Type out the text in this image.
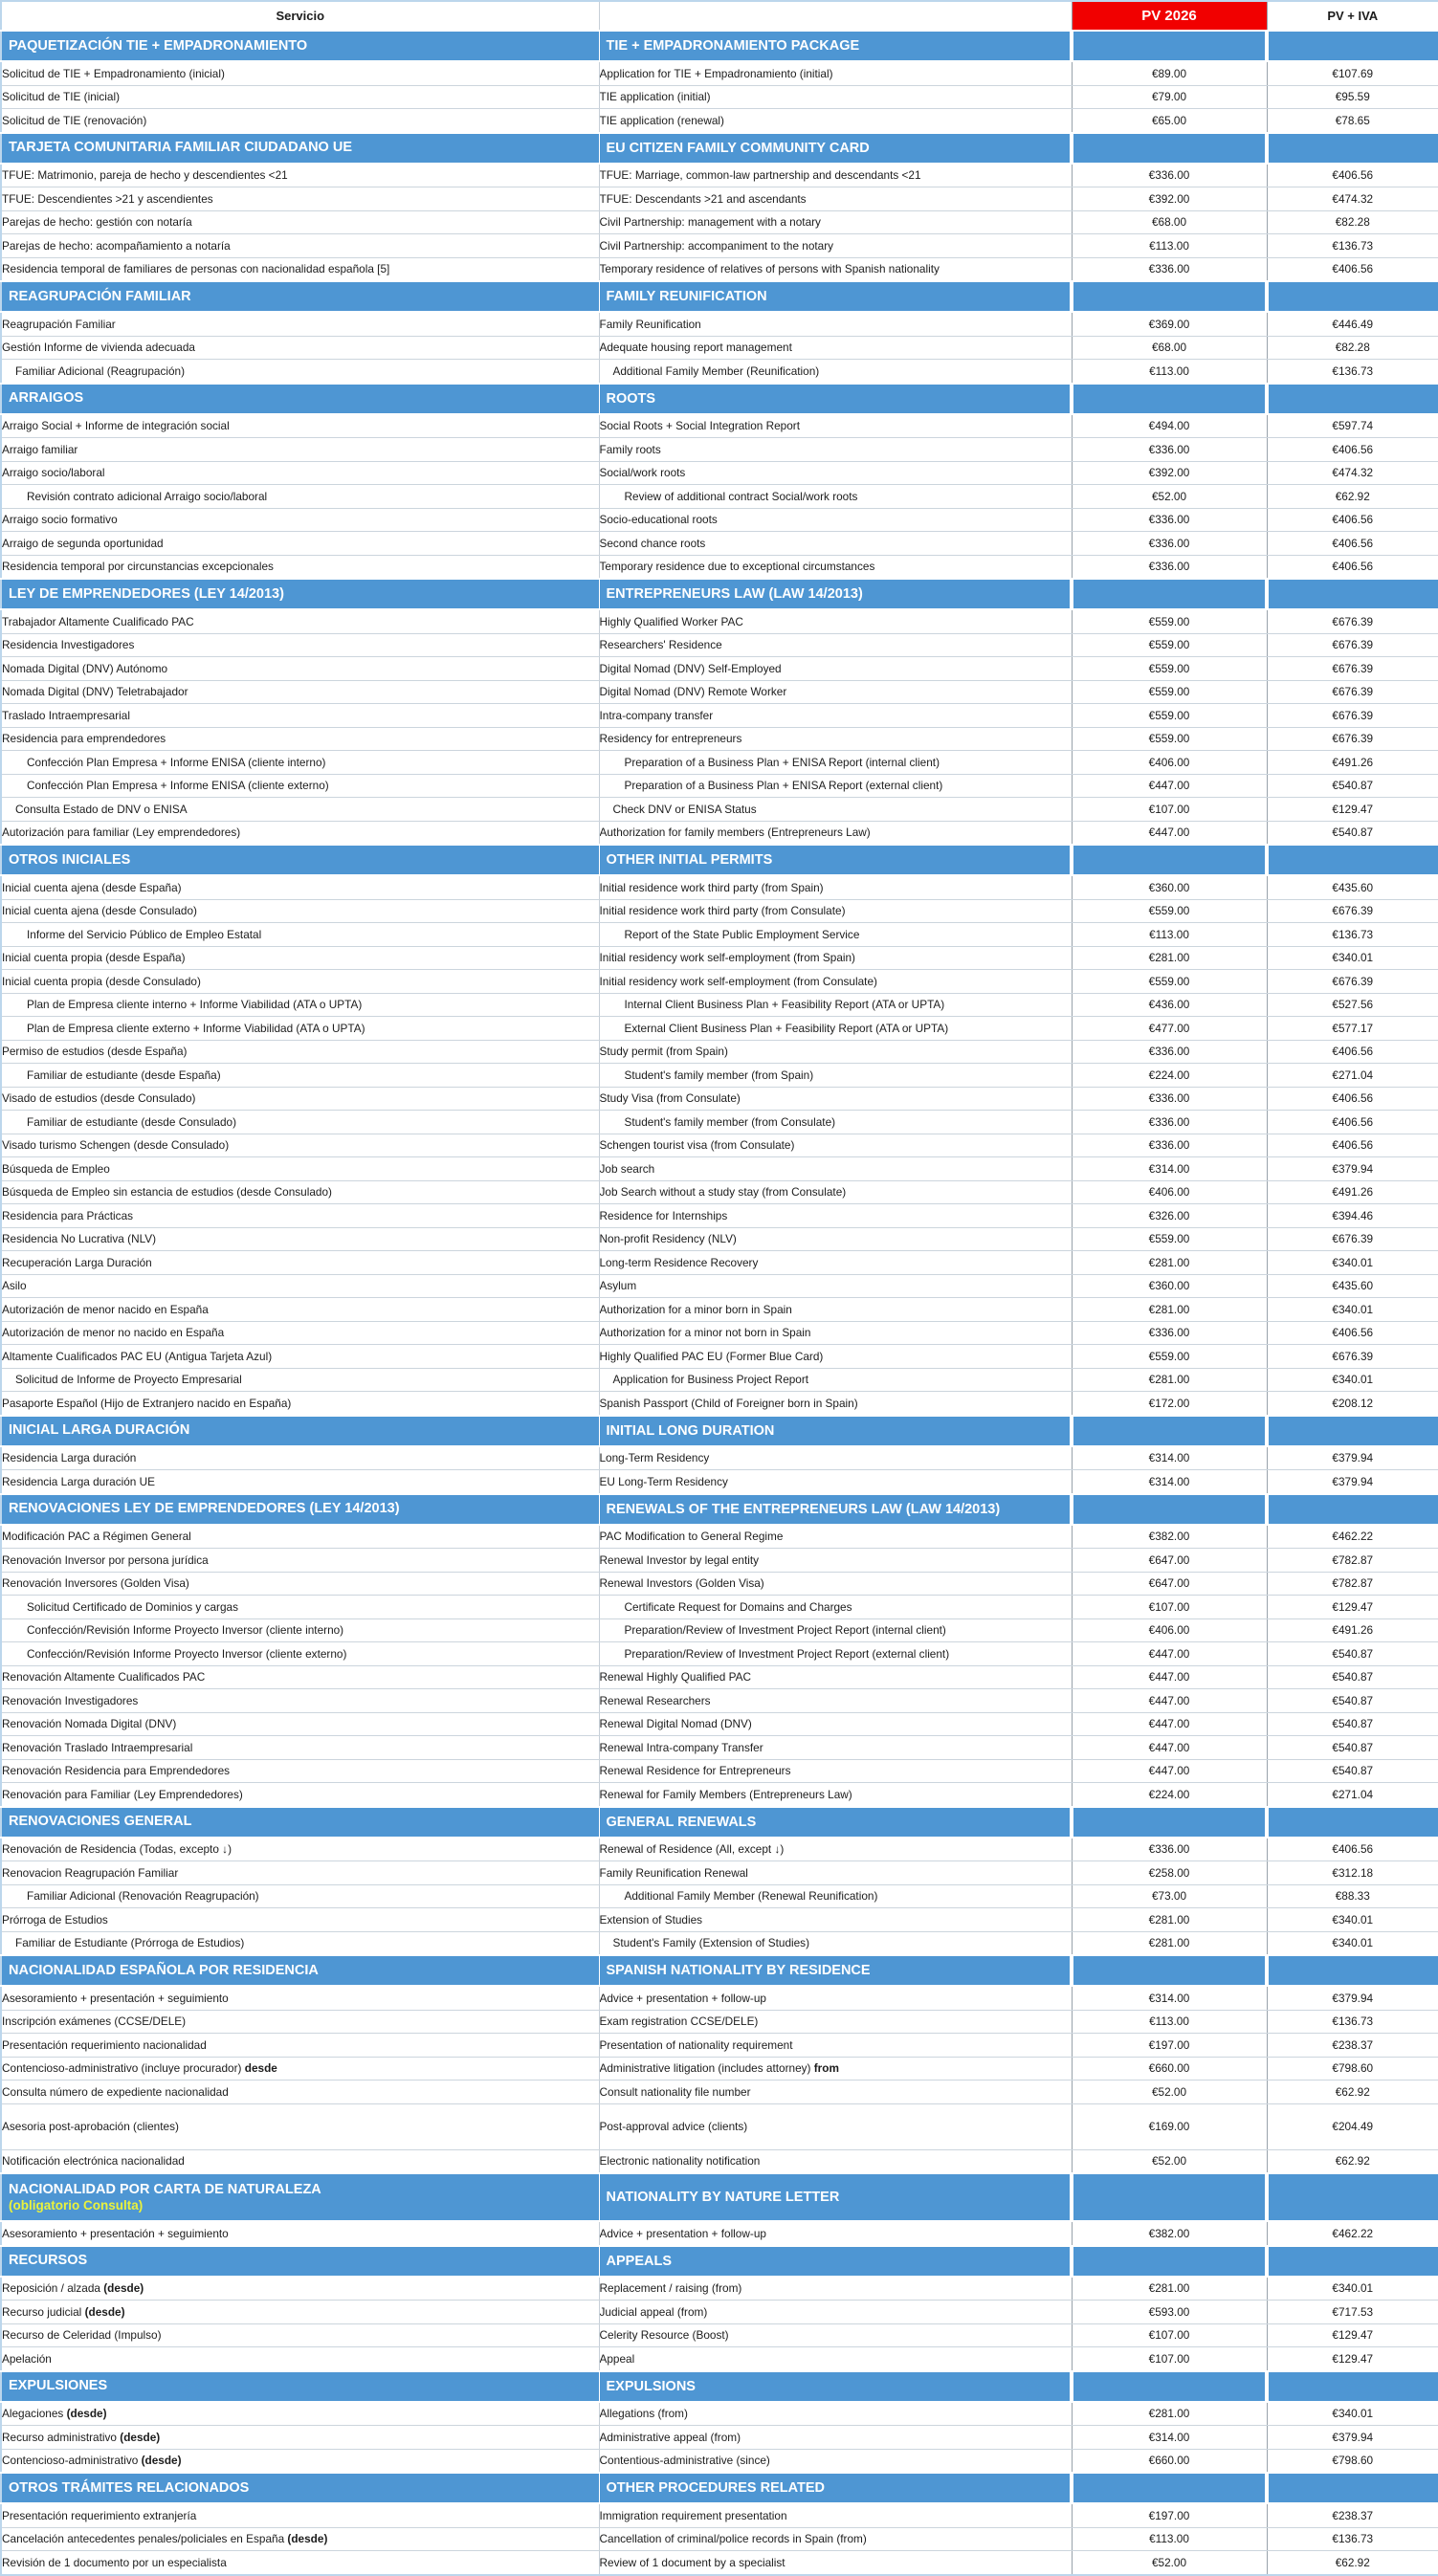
Servicio		PV 2026	PV + IVA

PAQUETIZACIÓN TIE + EMPADRONAMIENTO	TIE + EMPADRONAMIENTO PACKAGE		
Solicitud de TIE + Empadronamiento (inicial)	Application for TIE + Empadronamiento (initial)	€89.00	€107.69
Solicitud de TIE (inicial)	TIE application (initial)	€79.00	€95.59
Solicitud de TIE (renovación)	TIE application (renewal)	€65.00	€78.65

TARJETA COMUNITARIA FAMILIAR CIUDADANO UE	EU CITIZEN FAMILY COMMUNITY CARD		
TFUE: Matrimonio, pareja de hecho y descendientes <21	TFUE: Marriage, common-law partnership and descendants <21	€336.00	€406.56
TFUE: Descendientes >21 y ascendientes	TFUE: Descendants >21 and ascendants	€392.00	€474.32
Parejas de hecho: gestión con notaría	Civil Partnership: management with a notary	€68.00	€82.28
Parejas de hecho: acompañamiento a notaría	Civil Partnership: accompaniment to the notary	€113.00	€136.73
Residencia temporal de familiares de personas con nacionalidad española [5]	Temporary residence of relatives of persons with Spanish nationality	€336.00	€406.56

REAGRUPACIÓN FAMILIAR	FAMILY REUNIFICATION		
Reagrupación Familiar	Family Reunification	€369.00	€446.49
Gestión Informe de vivienda adecuada	Adequate housing report management	€68.00	€82.28
Familiar Adicional (Reagrupación)	Additional Family Member (Reunification)	€113.00	€136.73

ARRAIGOS	ROOTS		
Arraigo Social + Informe de integración social	Social Roots + Social Integration Report	€494.00	€597.74
Arraigo familiar	Family roots	€336.00	€406.56
Arraigo socio/laboral	Social/work roots	€392.00	€474.32
Revisión contrato adicional Arraigo socio/laboral	Review of additional contract Social/work roots	€52.00	€62.92
Arraigo socio formativo	Socio-educational roots	€336.00	€406.56
Arraigo de segunda oportunidad	Second chance roots	€336.00	€406.56
Residencia temporal por circunstancias excepcionales	Temporary residence due to exceptional circumstances	€336.00	€406.56

LEY DE EMPRENDEDORES (LEY 14/2013)	ENTREPRENEURS LAW (LAW 14/2013)		
Trabajador Altamente Cualificado PAC	Highly Qualified Worker PAC	€559.00	€676.39
Residencia Investigadores	Researchers' Residence	€559.00	€676.39
Nomada Digital (DNV) Autónomo	Digital Nomad (DNV) Self-Employed	€559.00	€676.39
Nomada Digital (DNV) Teletrabajador	Digital Nomad (DNV) Remote Worker	€559.00	€676.39
Traslado Intraempresarial	Intra-company transfer	€559.00	€676.39
Residencia para emprendedores	Residency for entrepreneurs	€559.00	€676.39
Confección Plan Empresa + Informe ENISA (cliente interno)	Preparation of a Business Plan + ENISA Report (internal client)	€406.00	€491.26
Confección Plan Empresa + Informe ENISA (cliente externo)	Preparation of a Business Plan + ENISA Report (external client)	€447.00	€540.87
Consulta Estado de DNV o ENISA	Check DNV or ENISA Status	€107.00	€129.47
Autorización para familiar (Ley emprendedores)	Authorization for family members (Entrepreneurs Law)	€447.00	€540.87

OTROS INICIALES	OTHER INITIAL PERMITS		
Inicial cuenta ajena (desde España)	Initial residence work third party (from Spain)	€360.00	€435.60
Inicial cuenta ajena (desde Consulado)	Initial residence work third party (from Consulate)	€559.00	€676.39
Informe del Servicio Público de Empleo Estatal	Report of the State Public Employment Service	€113.00	€136.73
Inicial cuenta propia (desde España)	Initial residency work self-employment (from Spain)	€281.00	€340.01
Inicial cuenta propia (desde Consulado)	Initial residency work self-employment (from Consulate)	€559.00	€676.39
Plan de Empresa cliente interno + Informe Viabilidad (ATA o UPTA)	Internal Client Business Plan + Feasibility Report (ATA or UPTA)	€436.00	€527.56
Plan de Empresa cliente externo + Informe Viabilidad (ATA o UPTA)	External Client Business Plan + Feasibility Report (ATA or UPTA)	€477.00	€577.17
Permiso de estudios (desde España)	Study permit (from Spain)	€336.00	€406.56
Familiar de estudiante (desde España)	Student's family member (from Spain)	€224.00	€271.04
Visado de estudios (desde Consulado)	Study Visa (from Consulate)	€336.00	€406.56
Familiar de estudiante (desde Consulado)	Student's family member (from Consulate)	€336.00	€406.56
Visado turismo Schengen (desde Consulado)	Schengen tourist visa (from Consulate)	€336.00	€406.56
Búsqueda de Empleo	Job search	€314.00	€379.94
Búsqueda de Empleo sin estancia de estudios (desde Consulado)	Job Search without a study stay (from Consulate)	€406.00	€491.26
Residencia para Prácticas	Residence for Internships	€326.00	€394.46
Residencia No Lucrativa (NLV)	Non-profit Residency (NLV)	€559.00	€676.39
Recuperación Larga Duración	Long-term Residence Recovery	€281.00	€340.01
Asilo	Asylum	€360.00	€435.60
Autorización de menor nacido en España	Authorization for a minor born in Spain	€281.00	€340.01
Autorización de menor no nacido en España	Authorization for a minor not born in Spain	€336.00	€406.56
Altamente Cualificados PAC EU (Antigua Tarjeta Azul)	Highly Qualified PAC EU (Former Blue Card)	€559.00	€676.39
Solicitud de Informe de Proyecto Empresarial	Application for Business Project Report	€281.00	€340.01
Pasaporte Español (Hijo de Extranjero nacido en España)	Spanish Passport (Child of Foreigner born in Spain)	€172.00	€208.12

INICIAL LARGA DURACIÓN	INITIAL LONG DURATION		
Residencia Larga duración	Long-Term Residency	€314.00	€379.94
Residencia Larga duración UE	EU Long-Term Residency	€314.00	€379.94

RENOVACIONES LEY DE EMPRENDEDORES (LEY 14/2013)	RENEWALS OF THE ENTREPRENEURS LAW (LAW 14/2013)		
Modificación PAC a Régimen General	PAC Modification to General Regime	€382.00	€462.22
Renovación Inversor por persona jurídica	Renewal Investor by legal entity	€647.00	€782.87
Renovación Inversores (Golden Visa)	Renewal Investors (Golden Visa)	€647.00	€782.87
Solicitud Certificado de Dominios y cargas	Certificate Request for Domains and Charges	€107.00	€129.47
Confección/Revisión Informe Proyecto Inversor (cliente interno)	Preparation/Review of Investment Project Report (internal client)	€406.00	€491.26
Confección/Revisión Informe Proyecto Inversor (cliente externo)	Preparation/Review of Investment Project Report (external client)	€447.00	€540.87
Renovación Altamente Cualificados PAC	Renewal Highly Qualified PAC	€447.00	€540.87
Renovación Investigadores	Renewal Researchers	€447.00	€540.87
Renovación Nomada Digital (DNV)	Renewal Digital Nomad (DNV)	€447.00	€540.87
Renovación Traslado Intraempresarial	Renewal Intra-company Transfer	€447.00	€540.87
Renovación Residencia para Emprendedores	Renewal Residence for Entrepreneurs	€447.00	€540.87
Renovación para Familiar (Ley Emprendedores)	Renewal for Family Members (Entrepreneurs Law)	€224.00	€271.04

RENOVACIONES GENERAL	GENERAL RENEWALS		
Renovación de Residencia (Todas, excepto ↓)	Renewal of Residence (All, except ↓)	€336.00	€406.56
Renovacion Reagrupación Familiar	Family Reunification Renewal	€258.00	€312.18
Familiar Adicional (Renovación Reagrupación)	Additional Family Member (Renewal Reunification)	€73.00	€88.33
Prórroga de Estudios	Extension of Studies	€281.00	€340.01
Familiar de Estudiante (Prórroga de Estudios)	Student's Family (Extension of Studies)	€281.00	€340.01

NACIONALIDAD ESPAÑOLA POR RESIDENCIA	SPANISH NATIONALITY BY RESIDENCE		
Asesoramiento + presentación + seguimiento	Advice + presentation + follow-up	€314.00	€379.94
Inscripción exámenes (CCSE/DELE)	Exam registration CCSE/DELE)	€113.00	€136.73
Presentación requerimiento nacionalidad	Presentation of nationality requirement	€197.00	€238.37
Contencioso-administrativo (incluye procurador) desde	Administrative litigation (includes attorney) from	€660.00	€798.60
Consulta número de expediente nacionalidad	Consult nationality file number	€52.00	€62.92
Asesoria post-aprobación (clientes)	Post-approval advice (clients)	€169.00	€204.49
Notificación electrónica nacionalidad	Electronic nationality notification	€52.00	€62.92

NACIONALIDAD POR CARTA DE NATURALEZA
(obligatorio Consulta)	NATIONALITY BY NATURE LETTER		
Asesoramiento + presentación + seguimiento	Advice + presentation + follow-up	€382.00	€462.22

RECURSOS	APPEALS		
Reposición / alzada (desde)	Replacement / raising (from)	€281.00	€340.01
Recurso judicial (desde)	Judicial appeal (from)	€593.00	€717.53
Recurso de Celeridad (Impulso)	Celerity Resource (Boost)	€107.00	€129.47
Apelación	Appeal	€107.00	€129.47

EXPULSIONES	EXPULSIONS		
Alegaciones (desde)	Allegations (from)	€281.00	€340.01
Recurso administrativo (desde)	Administrative appeal (from)	€314.00	€379.94
Contencioso-administrativo (desde)	Contentious-administrative (since)	€660.00	€798.60

OTROS TRÁMITES RELACIONADOS	OTHER PROCEDURES RELATED		
Presentación requerimiento extranjería	Immigration requirement presentation	€197.00	€238.37
Cancelación antecedentes penales/policiales en España (desde)	Cancellation of criminal/police records in Spain (from)	€113.00	€136.73
Revisión de 1 documento por un especialista	Review of 1 document by a specialist	€52.00	€62.92
